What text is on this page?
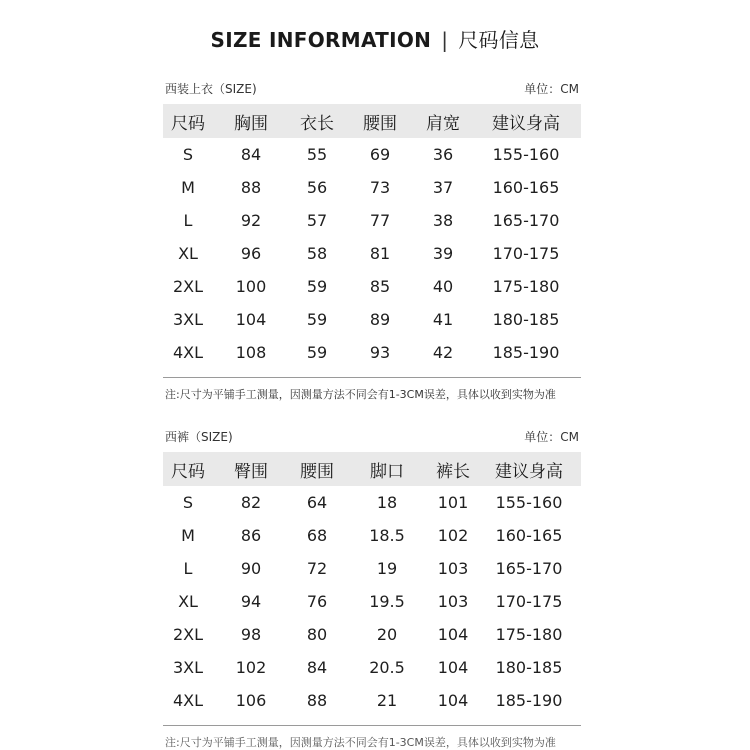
SIZE INFORMATION | 尺码信息
西装上衣（SIZE)	单位：CM
尺码	胸围	衣长	腰围	肩宽	建议身高
S	84	55	69	36	155-160
M	88	56	73	37	160-165
L	92	57	77	38	165-170
XL	96	58	81	39	170-175
2XL	100	59	85	40	175-180
3XL	104	59	89	41	180-185
4XL	108	59	93	42	185-190
注:尺寸为平铺手工测量，因测量方法不同会有1-3CM误差，具体以收到实物为准
西裤（SIZE)	单位：CM
尺码	臀围	腰围	脚口	裤长	建议身高
S	82	64	18	101	155-160
M	86	68	18.5	102	160-165
L	90	72	19	103	165-170
XL	94	76	19.5	103	170-175
2XL	98	80	20	104	175-180
3XL	102	84	20.5	104	180-185
4XL	106	88	21	104	185-190
注:尺寸为平铺手工测量，因测量方法不同会有1-3CM误差，具体以收到实物为准
